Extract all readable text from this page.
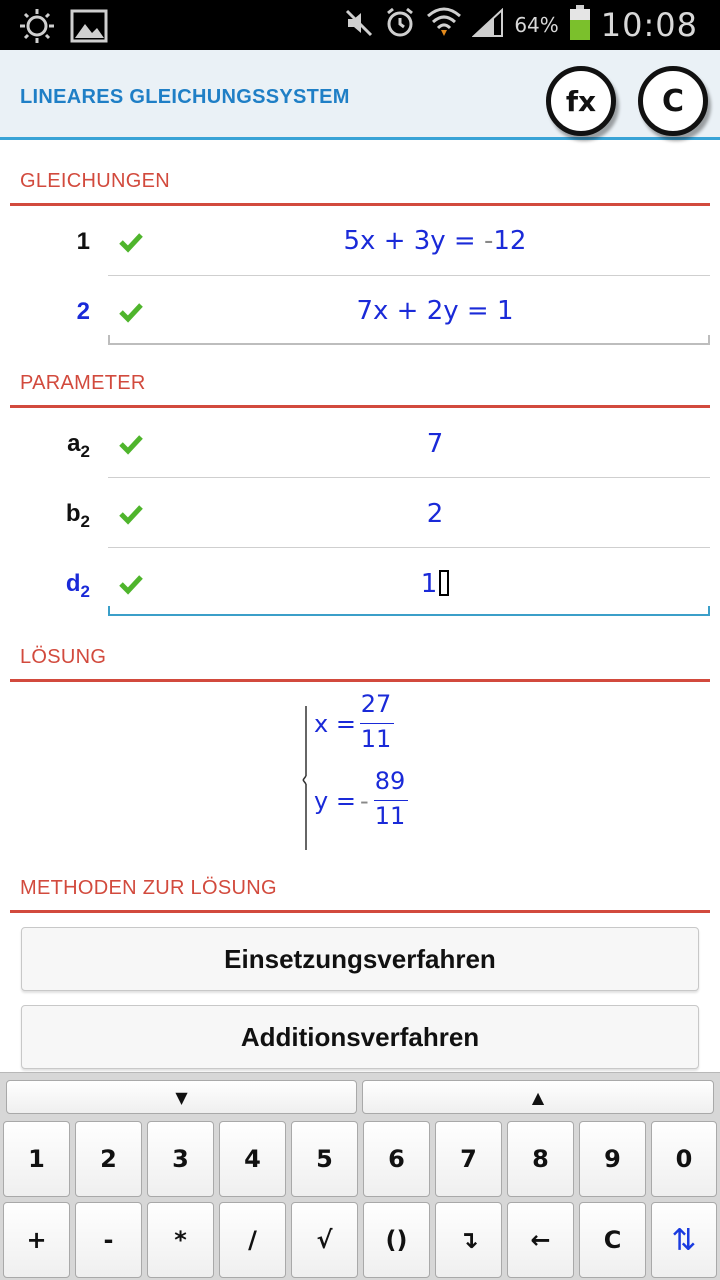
64% 10:08
LINEARES GLEICHUNGSSYSTEM	fx	C
GLEICHUNGEN
1	5x + 3y = -12
2	7x + 2y = 1
PARAMETER
$a_2$	7
$b_2$	2
$d_2$	1
LÖSUNG
x =
27
11
y = -
89
11
METHODEN ZUR LÖSUNG
Einsetzungsverfahren
Additionsverfahren
▼	▲
1	2	3	4	5	6	7	8	9	0
+	-	*	/	√	()	↴	←	C	⇅
